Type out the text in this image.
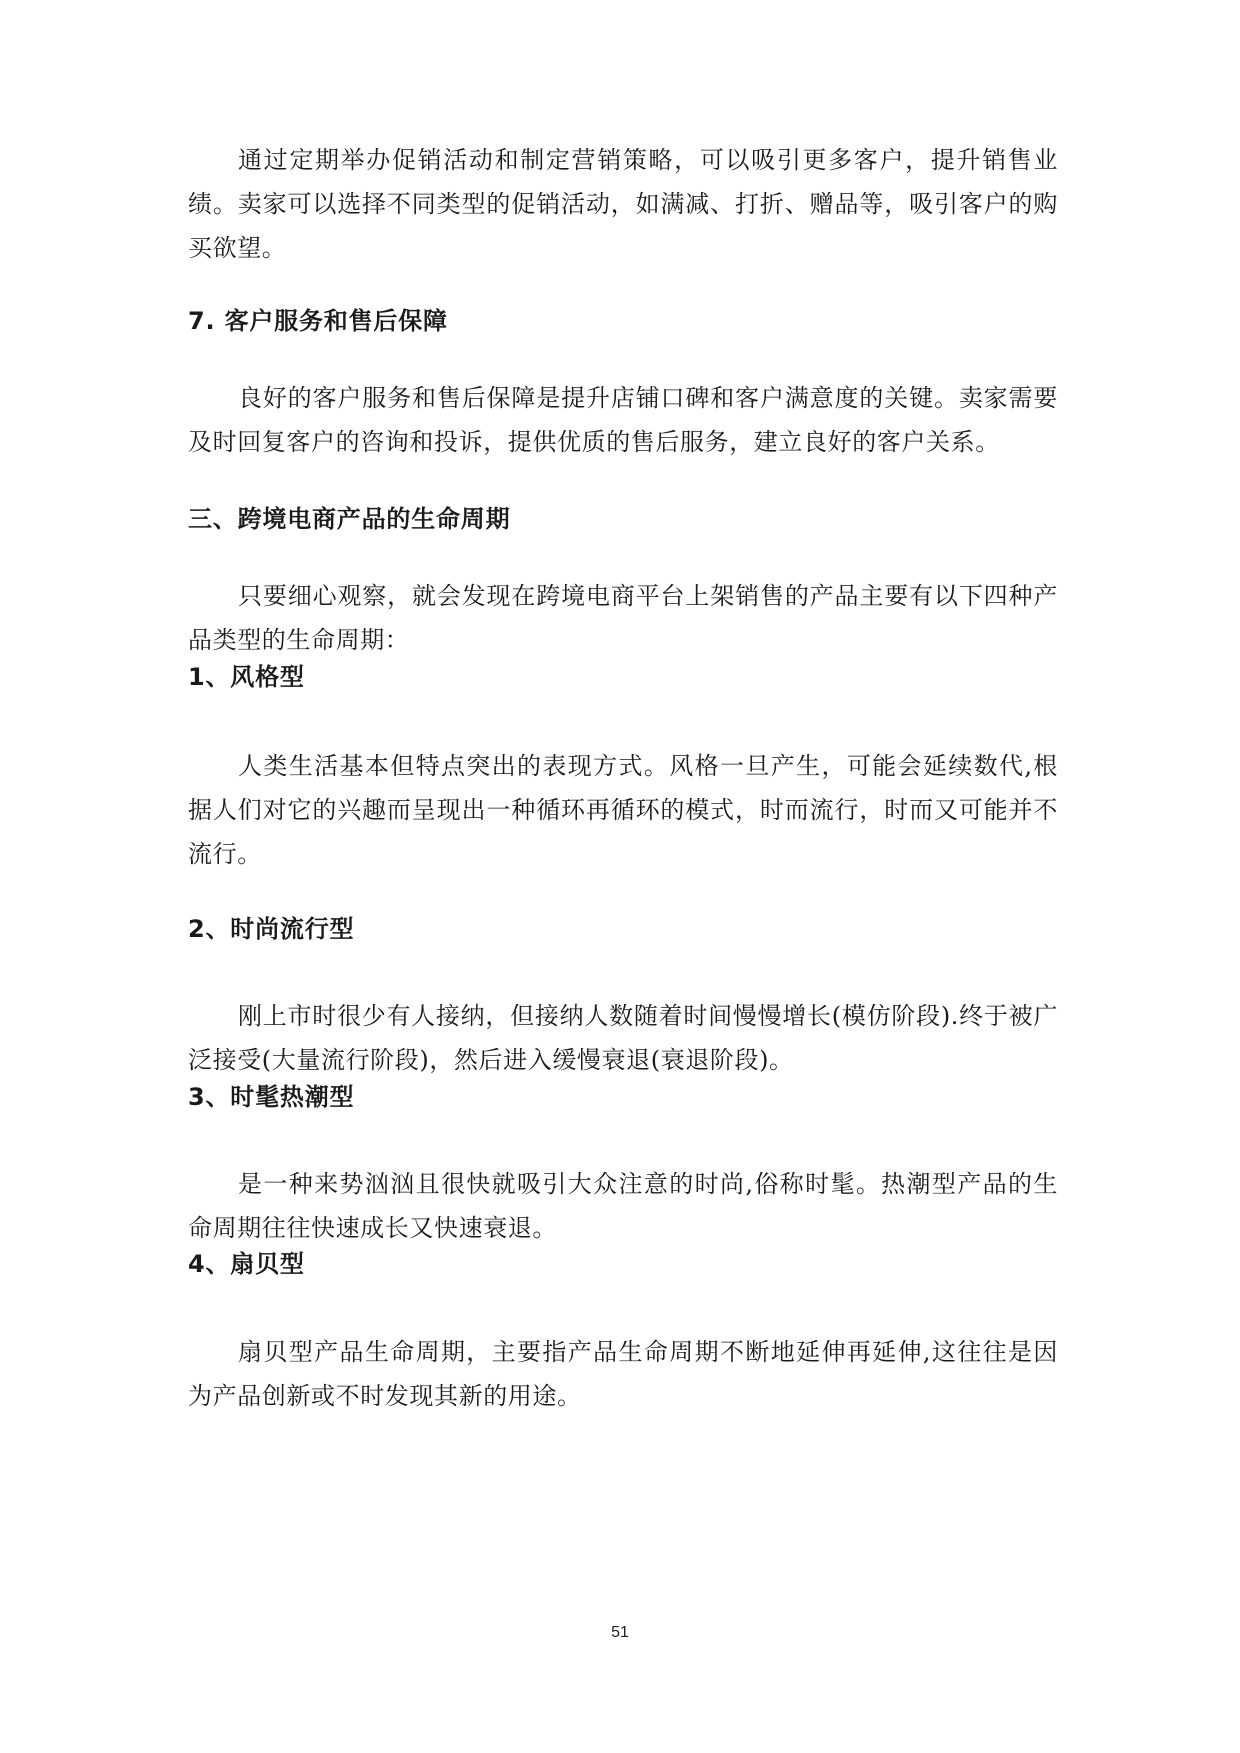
通过定期举办促销活动和制定营销策略，可以吸引更多客户，提升销售业绩。卖家可以选择不同类型的促销活动，如满减、打折、赠品等，吸引客户的购买欲望。

7. 客户服务和售后保障

良好的客户服务和售后保障是提升店铺口碑和客户满意度的关键。卖家需要及时回复客户的咨询和投诉，提供优质的售后服务，建立良好的客户关系。

三、跨境电商产品的生命周期

只要细心观察，就会发现在跨境电商平台上架销售的产品主要有以下四种产品类型的生命周期：

1、风格型

人类生活基本但特点突出的表现方式。风格一旦产生，可能会延续数代,根据人们对它的兴趣而呈现出一种循环再循环的模式，时而流行，时而又可能并不流行。

2、时尚流行型

刚上市时很少有人接纳，但接纳人数随着时间慢慢增长(模仿阶段).终于被广泛接受(大量流行阶段)，然后进入缓慢衰退(衰退阶段)。

3、时髦热潮型

是一种来势汹汹且很快就吸引大众注意的时尚,俗称时髦。热潮型产品的生命周期往往快速成长又快速衰退。

4、扇贝型

扇贝型产品生命周期，主要指产品生命周期不断地延伸再延伸,这往往是因为产品创新或不时发现其新的用途。

51
